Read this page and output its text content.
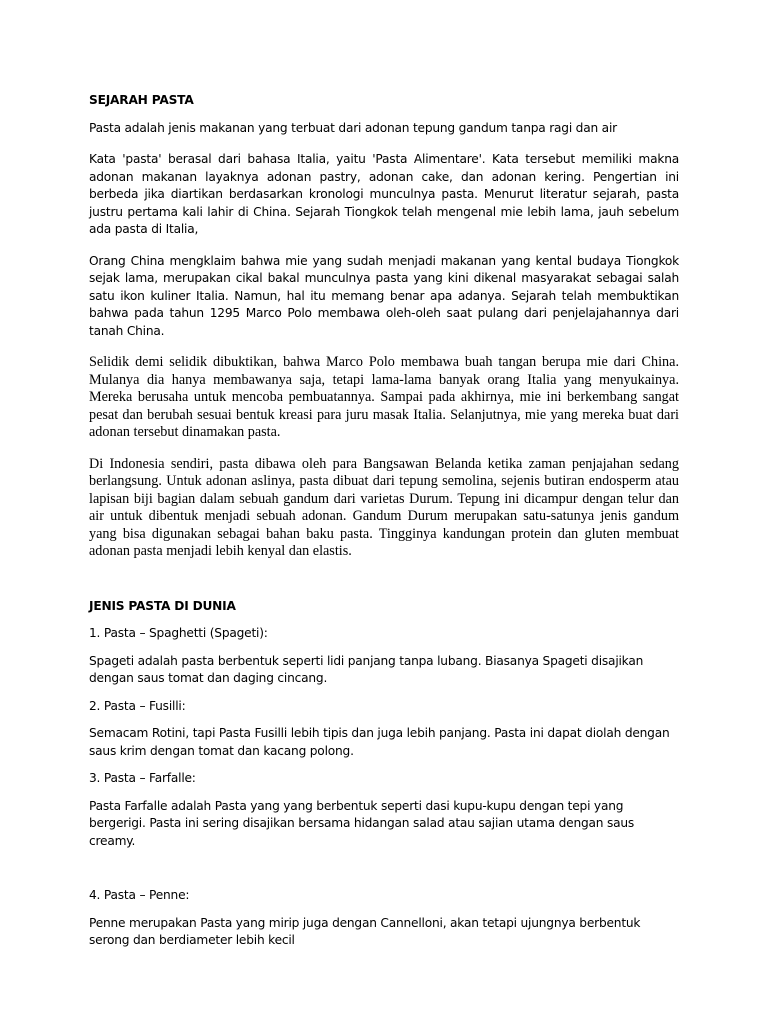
SEJARAH PASTA

Pasta adalah jenis makanan yang terbuat dari adonan tepung gandum tanpa ragi dan air

Kata 'pasta' berasal dari bahasa Italia, yaitu 'Pasta Alimentare'. Kata tersebut memiliki makna adonan makanan layaknya adonan pastry, adonan cake, dan adonan kering. Pengertian ini berbeda jika diartikan berdasarkan kronologi munculnya pasta. Menurut literatur sejarah, pasta justru pertama kali lahir di China. Sejarah Tiongkok telah mengenal mie lebih lama, jauh sebelum ada pasta di Italia,

Orang China mengklaim bahwa mie yang sudah menjadi makanan yang kental budaya Tiongkok sejak lama, merupakan cikal bakal munculnya pasta yang kini dikenal masyarakat sebagai salah satu ikon kuliner Italia. Namun, hal itu memang benar apa adanya. Sejarah telah membuktikan bahwa pada tahun 1295 Marco Polo membawa oleh-oleh saat pulang dari penjelajahannya dari tanah China.

Selidik demi selidik dibuktikan, bahwa Marco Polo membawa buah tangan berupa mie dari China. Mulanya dia hanya membawanya saja, tetapi lama-lama banyak orang Italia yang menyukainya. Mereka berusaha untuk mencoba pembuatannya. Sampai pada akhirnya, mie ini berkembang sangat pesat dan berubah sesuai bentuk kreasi para juru masak Italia. Selanjutnya, mie yang mereka buat dari adonan tersebut dinamakan pasta.

Di Indonesia sendiri, pasta dibawa oleh para Bangsawan Belanda ketika zaman penjajahan sedang berlangsung. Untuk adonan aslinya, pasta dibuat dari tepung semolina, sejenis butiran endosperm atau lapisan biji bagian dalam sebuah gandum dari varietas Durum. Tepung ini dicampur dengan telur dan air untuk dibentuk menjadi sebuah adonan. Gandum Durum merupakan satu-satunya jenis gandum yang bisa digunakan sebagai bahan baku pasta. Tingginya kandungan protein dan gluten membuat adonan pasta menjadi lebih kenyal dan elastis.

JENIS PASTA DI DUNIA

1. Pasta – Spaghetti (Spageti):

Spageti adalah pasta berbentuk seperti lidi panjang tanpa lubang. Biasanya Spageti disajikan dengan saus tomat dan daging cincang.

2. Pasta – Fusilli:

Semacam Rotini, tapi Pasta Fusilli lebih tipis dan juga lebih panjang. Pasta ini dapat diolah dengan saus krim dengan tomat dan kacang polong.

3. Pasta – Farfalle:

Pasta Farfalle adalah Pasta yang yang berbentuk seperti dasi kupu-kupu dengan tepi yang bergerigi. Pasta ini sering disajikan bersama hidangan salad atau sajian utama dengan saus creamy.

4. Pasta – Penne:

Penne merupakan Pasta yang mirip juga dengan Cannelloni, akan tetapi ujungnya berbentuk serong dan berdiameter lebih kecil
